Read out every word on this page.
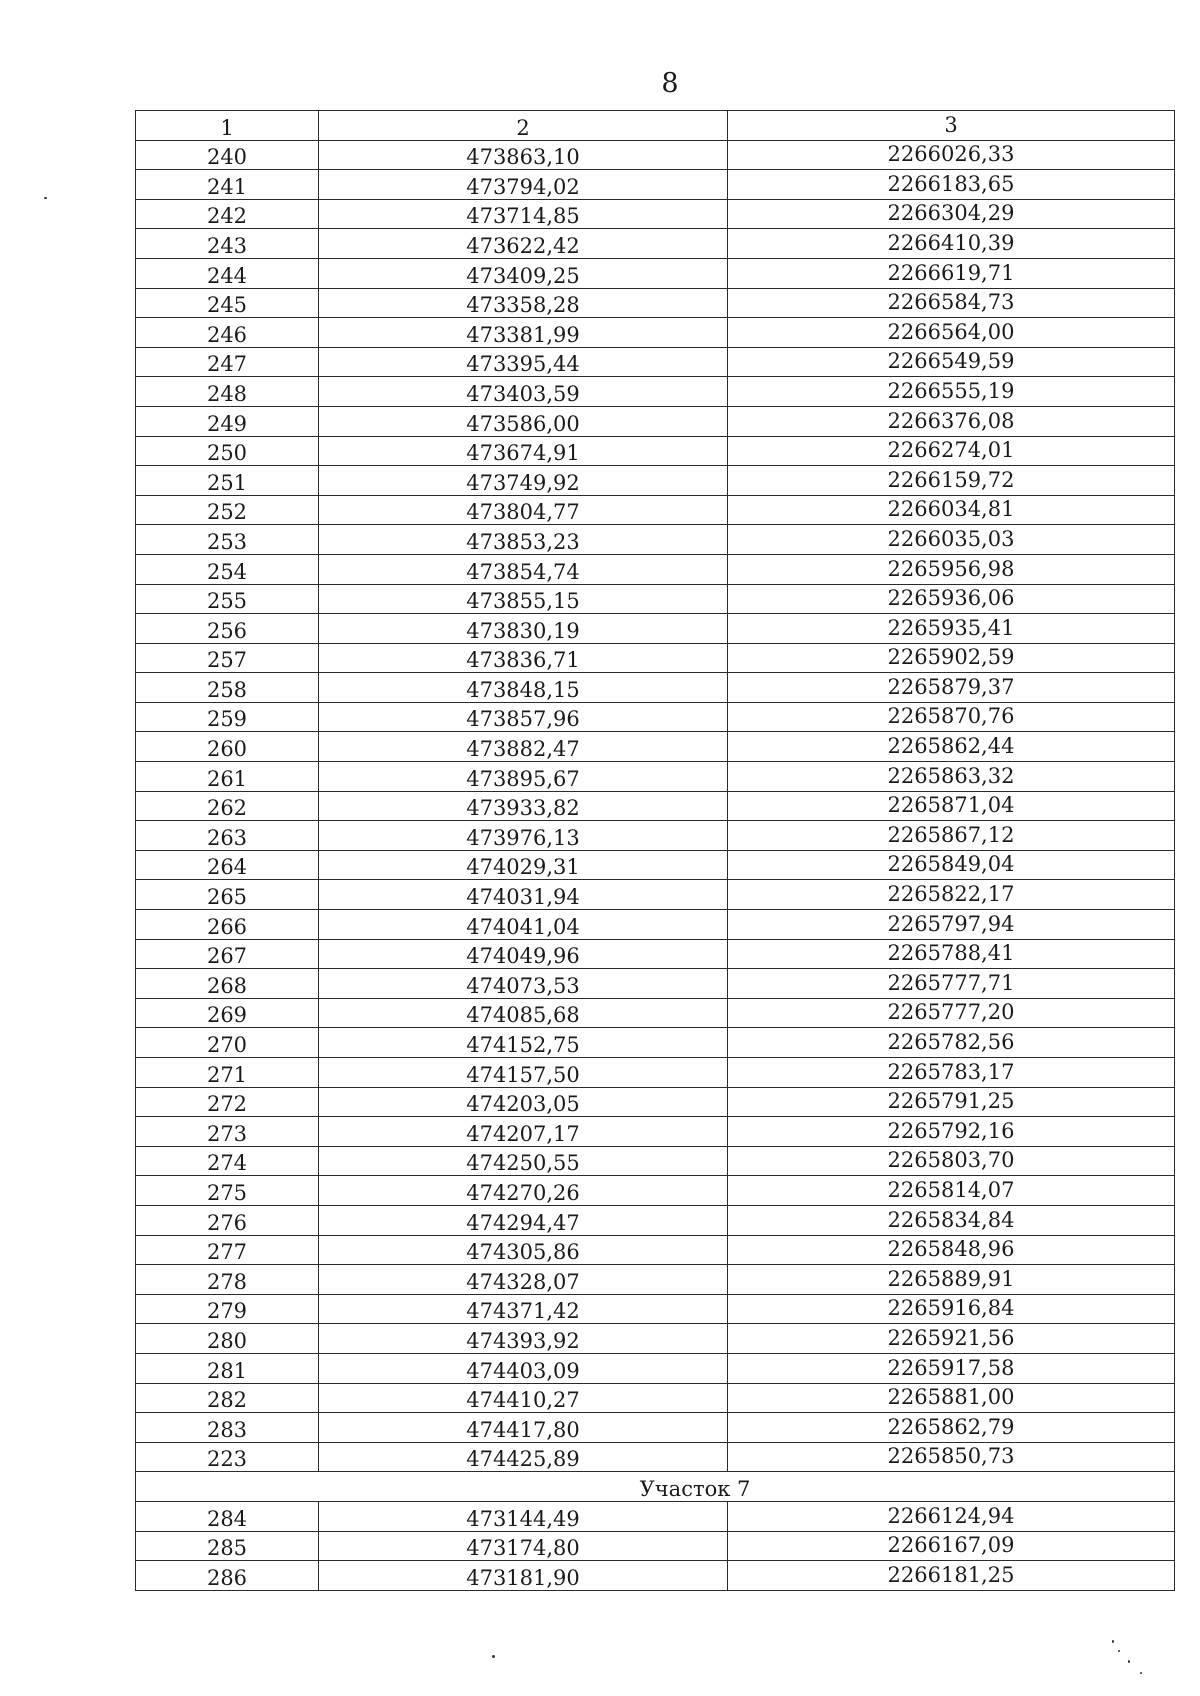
8
1	2	3
240	473863,10	2266026,33
241	473794,02	2266183,65
242	473714,85	2266304,29
243	473622,42	2266410,39
244	473409,25	2266619,71
245	473358,28	2266584,73
246	473381,99	2266564,00
247	473395,44	2266549,59
248	473403,59	2266555,19
249	473586,00	2266376,08
250	473674,91	2266274,01
251	473749,92	2266159,72
252	473804,77	2266034,81
253	473853,23	2266035,03
254	473854,74	2265956,98
255	473855,15	2265936,06
256	473830,19	2265935,41
257	473836,71	2265902,59
258	473848,15	2265879,37
259	473857,96	2265870,76
260	473882,47	2265862,44
261	473895,67	2265863,32
262	473933,82	2265871,04
263	473976,13	2265867,12
264	474029,31	2265849,04
265	474031,94	2265822,17
266	474041,04	2265797,94
267	474049,96	2265788,41
268	474073,53	2265777,71
269	474085,68	2265777,20
270	474152,75	2265782,56
271	474157,50	2265783,17
272	474203,05	2265791,25
273	474207,17	2265792,16
274	474250,55	2265803,70
275	474270,26	2265814,07
276	474294,47	2265834,84
277	474305,86	2265848,96
278	474328,07	2265889,91
279	474371,42	2265916,84
280	474393,92	2265921,56
281	474403,09	2265917,58
282	474410,27	2265881,00
283	474417,80	2265862,79
223	474425,89	2265850,73
Участок 7		
284	473144,49	2266124,94
285	473174,80	2266167,09
286	473181,90	2266181,25
